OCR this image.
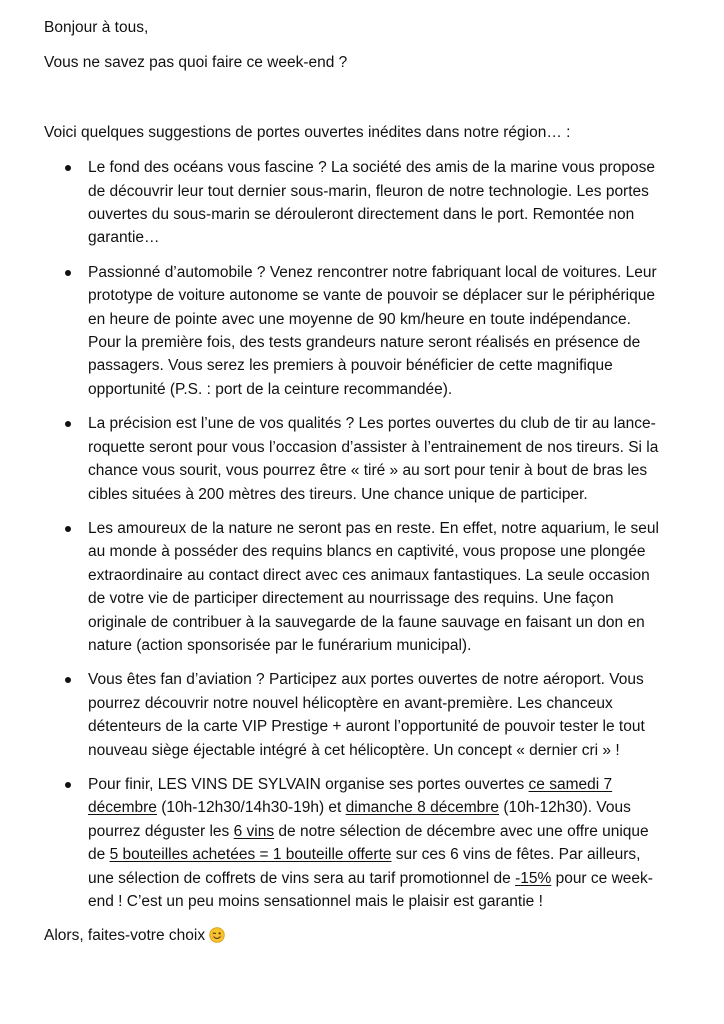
Bonjour à tous,

Vous ne savez pas quoi faire ce week-end ?

Voici quelques suggestions de portes ouvertes inédites dans notre région… :

Le fond des océans vous fascine ? La société des amis de la marine vous propose de découvrir leur tout dernier sous-marin, fleuron de notre technologie. Les portes ouvertes du sous-marin se dérouleront directement dans le port. Remontée non garantie…
Passionné d’automobile ? Venez rencontrer notre fabriquant local de voitures. Leur prototype de voiture autonome se vante de pouvoir se déplacer sur le périphérique en heure de pointe avec une moyenne de 90 km/heure en toute indépendance. Pour la première fois, des tests grandeurs nature seront réalisés en présence de passagers. Vous serez les premiers à pouvoir bénéficier de cette magnifique opportunité (P.S. : port de la ceinture recommandée).
La précision est l’une de vos qualités ? Les portes ouvertes du club de tir au lance-roquette seront pour vous l’occasion d’assister à l’entrainement de nos tireurs. Si la chance vous sourit, vous pourrez être « tiré » au sort pour tenir à bout de bras les cibles situées à 200 mètres des tireurs. Une chance unique de participer.
Les amoureux de la nature ne seront pas en reste. En effet, notre aquarium, le seul au monde à posséder des requins blancs en captivité, vous propose une plongée extraordinaire au contact direct avec ces animaux fantastiques. La seule occasion de votre vie de participer directement au nourrissage des requins. Une façon originale de contribuer à la sauvegarde de la faune sauvage en faisant un don en nature (action sponsorisée par le funérarium municipal).
Vous êtes fan d’aviation ? Participez aux portes ouvertes de notre aéroport. Vous pourrez découvrir notre nouvel hélicoptère en avant-première. Les chanceux détenteurs de la carte VIP Prestige + auront l’opportunité de pouvoir tester le tout nouveau siège éjectable intégré à cet hélicoptère. Un concept « dernier cri » !
Pour finir, LES VINS DE SYLVAIN organise ses portes ouvertes ce samedi 7 décembre (10h-12h30/14h30-19h) et dimanche 8 décembre (10h-12h30). Vous pourrez déguster les 6 vins de notre sélection de décembre avec une offre unique de 5 bouteilles achetées = 1 bouteille offerte sur ces 6 vins de fêtes. Par ailleurs, une sélection de coffrets de vins sera au tarif promotionnel de -15% pour ce week-end ! C’est un peu moins sensationnel mais le plaisir est garantie !

Alors, faites-votre choix
